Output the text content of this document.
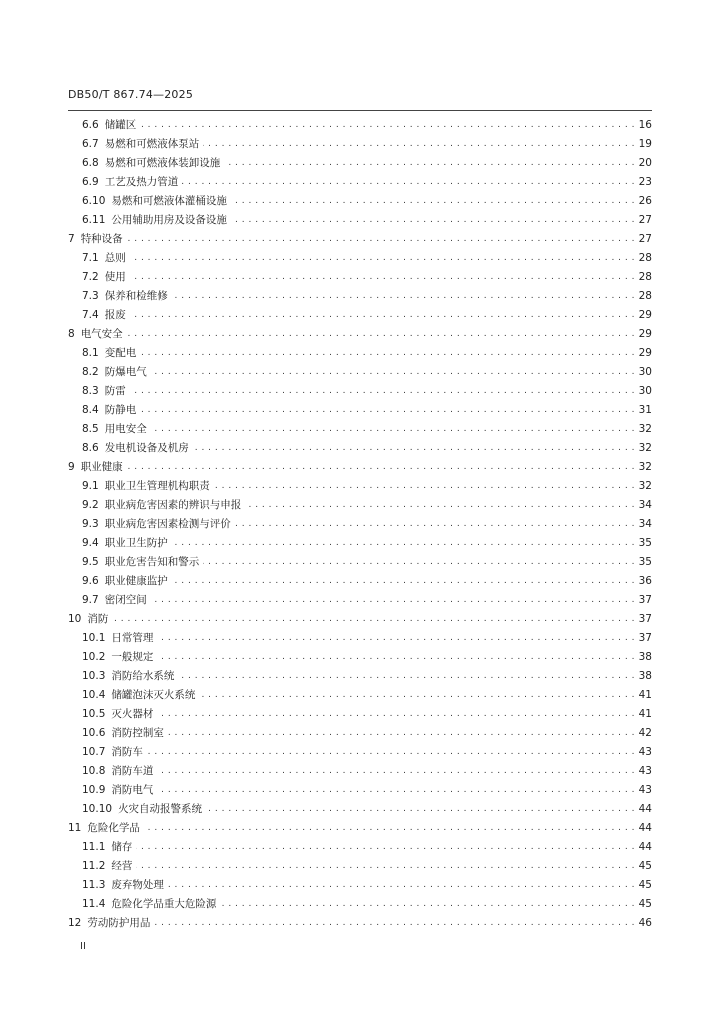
DB50/T 867.74—2025
6.6 储罐区 . . .	16
6.7 易燃和可燃液体泵站 . . .	19
6.8 易燃和可燃液体装卸设施 . . .	20
6.9 工艺及热力管道 . . .	23
6.10 易燃和可燃液体灌桶设施 . . .	26
6.11 公用辅助用房及设备设施 . . .	27
7 特种设备 . . .	27
7.1 总则 . . .	28
7.2 使用 . . .	28
7.3 保养和检维修 . . .	28
7.4 报废 . . .	29
8 电气安全 . . .	29
8.1 变配电 . . .	29
8.2 防爆电气 . . .	30
8.3 防雷 . . .	30
8.4 防静电 . . .	31
8.5 用电安全 . . .	32
8.6 发电机设备及机房 . . .	32
9 职业健康 . . .	32
9.1 职业卫生管理机构职责 . . .	32
9.2 职业病危害因素的辨识与申报 . . .	34
9.3 职业病危害因素检测与评价 . . .	34
9.4 职业卫生防护 . . .	35
9.5 职业危害告知和警示 . . .	35
9.6 职业健康监护 . . .	36
9.7 密闭空间 . . .	37
10 消防 . . .	37
10.1 日常管理 . . .	37
10.2 一般规定 . . .	38
10.3 消防给水系统 . . .	38
10.4 储罐泡沫灭火系统 . . .	41
10.5 灭火器材 . . .	41
10.6 消防控制室 . . .	42
10.7 消防车 . . .	43
10.8 消防车道 . . .	43
10.9 消防电气 . . .	43
10.10 火灾自动报警系统 . . .	44
11 危险化学品 . . .	44
11.1 储存 . . .	44
11.2 经营 . . .	45
11.3 废弃物处理 . . .	45
11.4 危险化学品重大危险源 . . .	45
12 劳动防护用品 . . .	46
II
